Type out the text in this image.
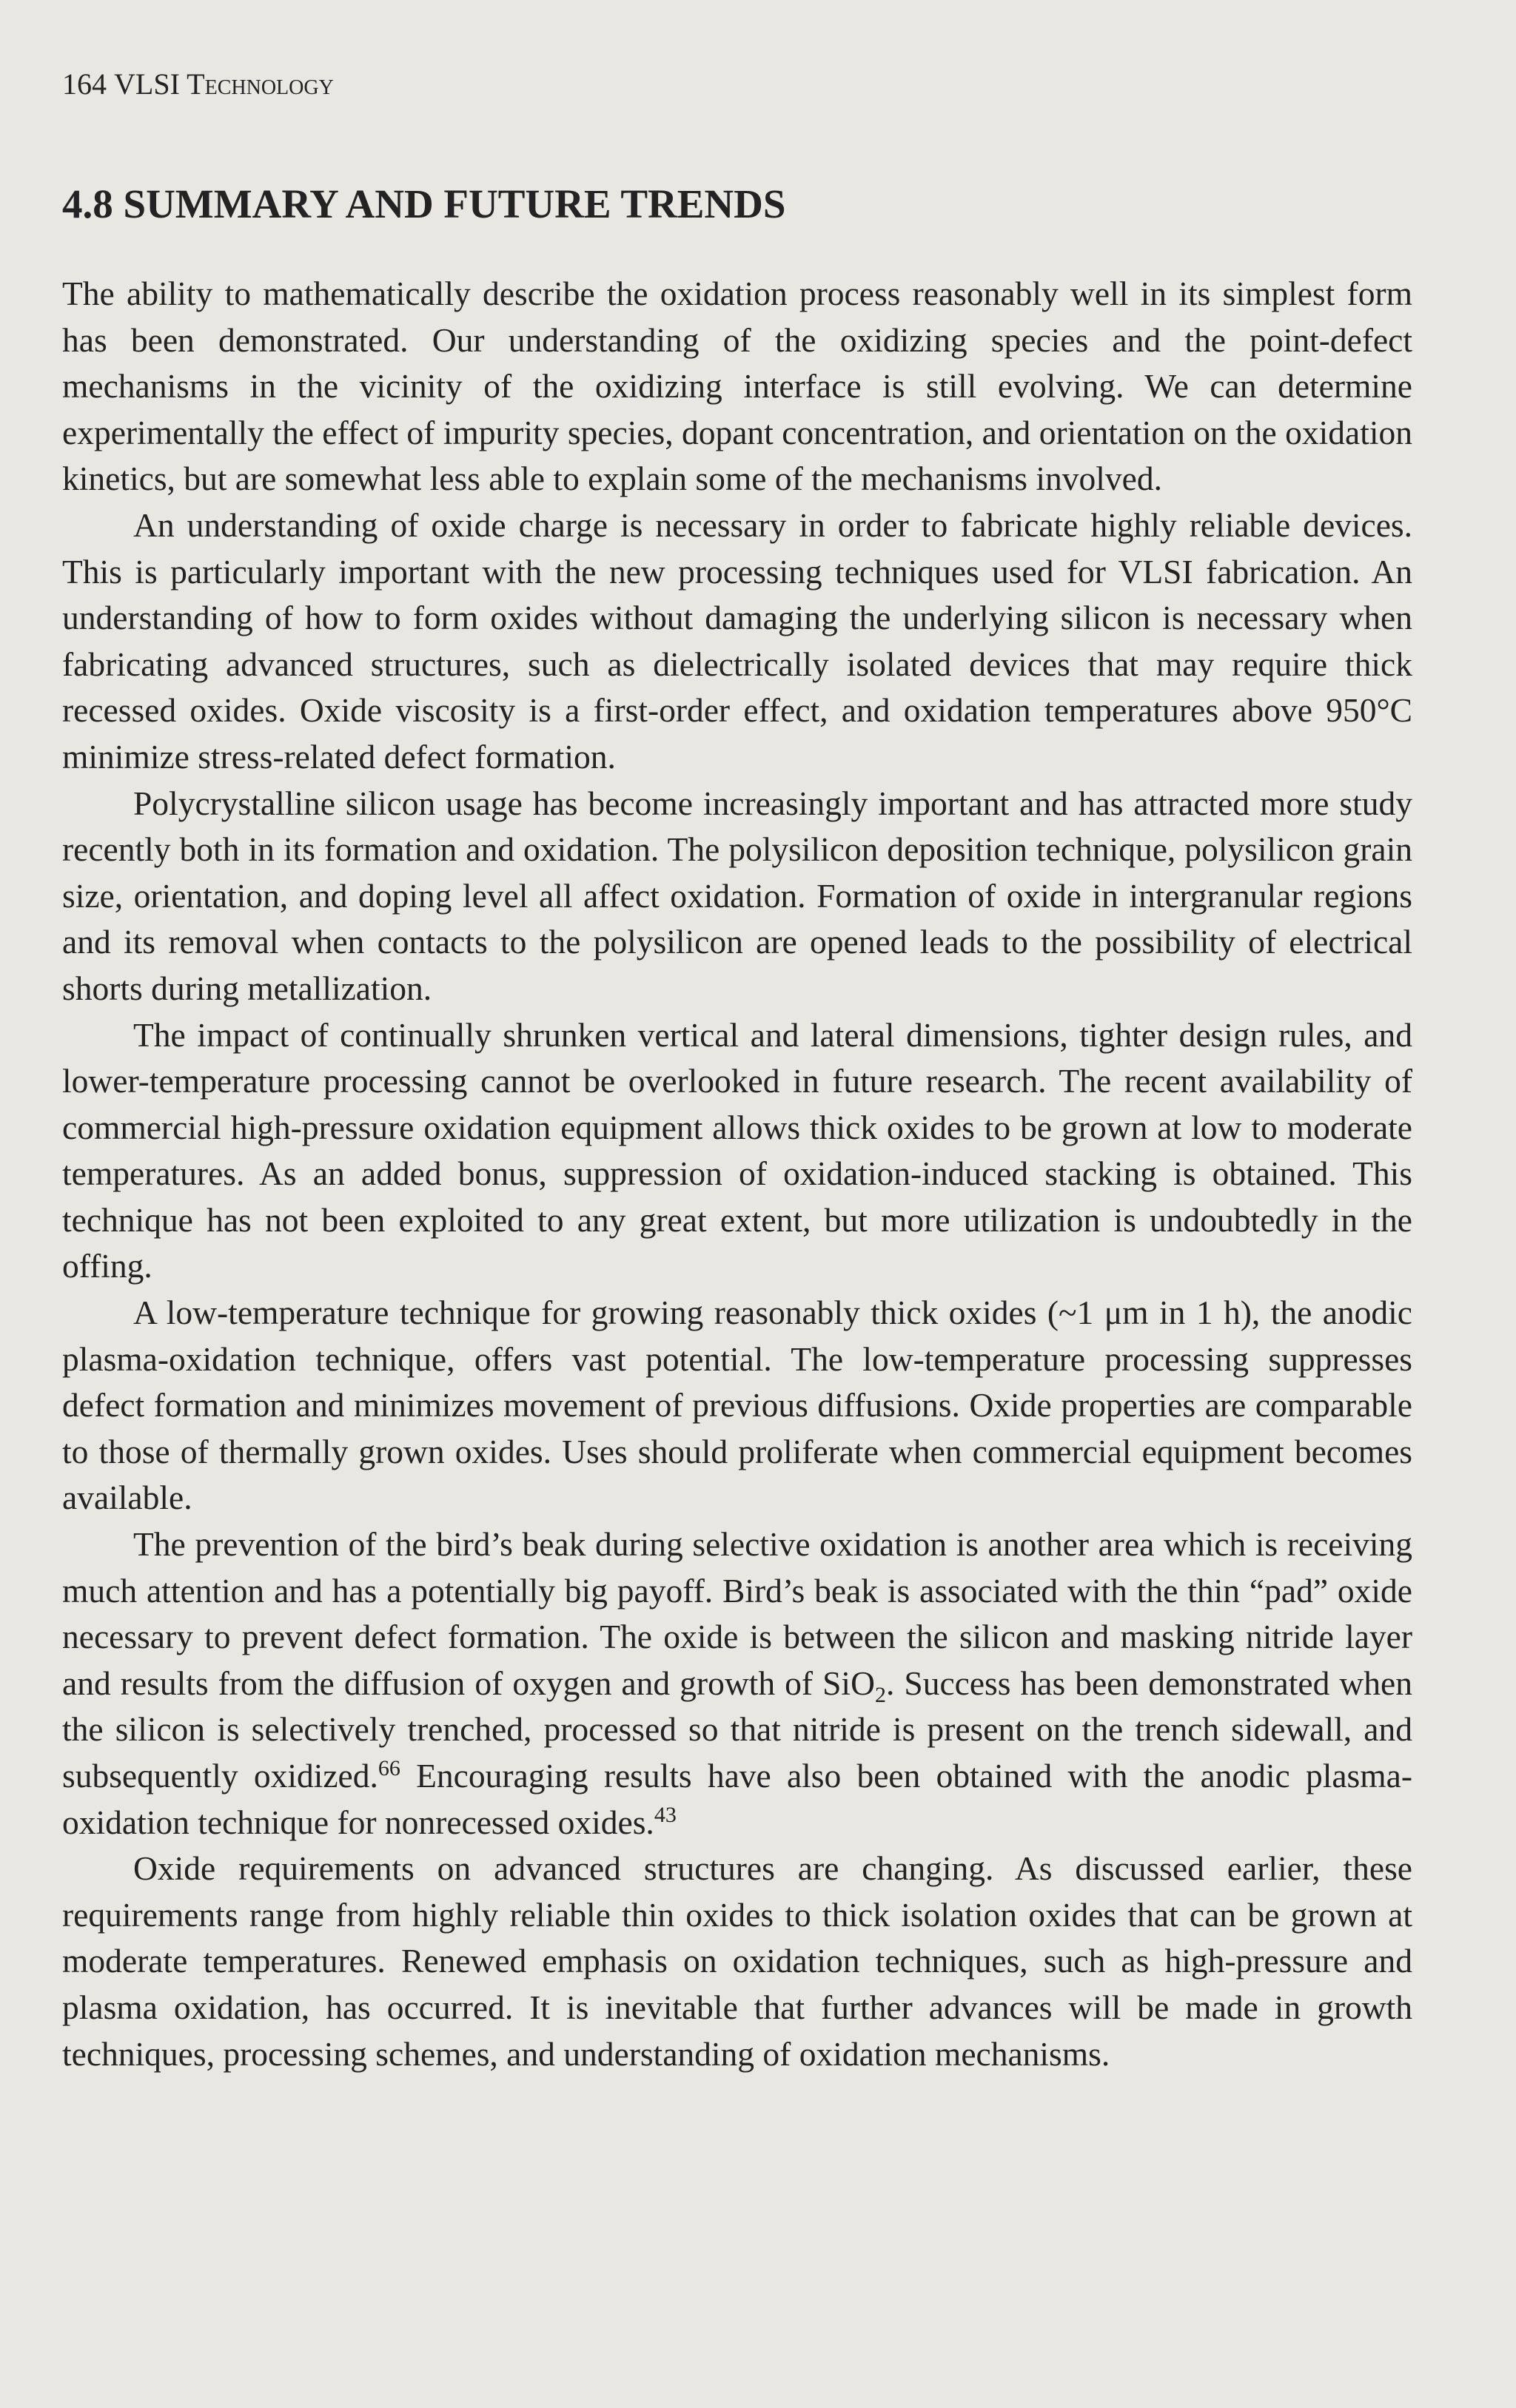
164 VLSI Technology
4.8 SUMMARY AND FUTURE TRENDS

The ability to mathematically describe the oxidation process reasonably well in its simplest form has been demonstrated. Our understanding of the oxidizing species and the point-defect mechanisms in the vicinity of the oxidizing interface is still evolving. We can determine experimentally the effect of impurity species, dopant concentration, and orientation on the oxidation kinetics, but are somewhat less able to explain some of the mechanisms involved.

An understanding of oxide charge is necessary in order to fabricate highly reliable devices. This is particularly important with the new processing techniques used for VLSI fabrication. An understanding of how to form oxides without damaging the underlying silicon is necessary when fabricating advanced structures, such as dielectrically isolated devices that may require thick recessed oxides. Oxide viscosity is a first-order effect, and oxidation temperatures above 950°C minimize stress-related defect formation.

Polycrystalline silicon usage has become increasingly important and has attracted more study recently both in its formation and oxidation. The polysilicon deposition technique, polysilicon grain size, orientation, and doping level all affect oxidation. Formation of oxide in intergranular regions and its removal when contacts to the polysilicon are opened leads to the possibility of electrical shorts during metallization.

The impact of continually shrunken vertical and lateral dimensions, tighter design rules, and lower-temperature processing cannot be overlooked in future research. The recent availability of commercial high-pressure oxidation equipment allows thick oxides to be grown at low to moderate temperatures. As an added bonus, suppression of oxidation-induced stacking is obtained. This technique has not been exploited to any great extent, but more utilization is undoubtedly in the offing.

A low-temperature technique for growing reasonably thick oxides (~1 μm in 1 h), the anodic plasma-oxidation technique, offers vast potential. The low-temperature processing suppresses defect formation and minimizes movement of previous diffusions. Oxide properties are comparable to those of thermally grown oxides. Uses should proliferate when commercial equipment becomes available.

The prevention of the bird’s beak during selective oxidation is another area which is receiving much attention and has a potentially big payoff. Bird’s beak is associated with the thin “pad” oxide necessary to prevent defect formation. The oxide is between the silicon and masking nitride layer and results from the diffusion of oxygen and growth of SiO$_2$. Success has been demonstrated when the silicon is selectively trenched, processed so that nitride is present on the trench sidewall, and subsequently oxidized.$^{66}$ Encouraging results have also been obtained with the anodic plasma-oxidation technique for nonrecessed oxides.$^{43}$

Oxide requirements on advanced structures are changing. As discussed earlier, these requirements range from highly reliable thin oxides to thick isolation oxides that can be grown at moderate temperatures. Renewed emphasis on oxidation techniques, such as high-pressure and plasma oxidation, has occurred. It is inevitable that further advances will be made in growth techniques, processing schemes, and understanding of oxidation mechanisms.
